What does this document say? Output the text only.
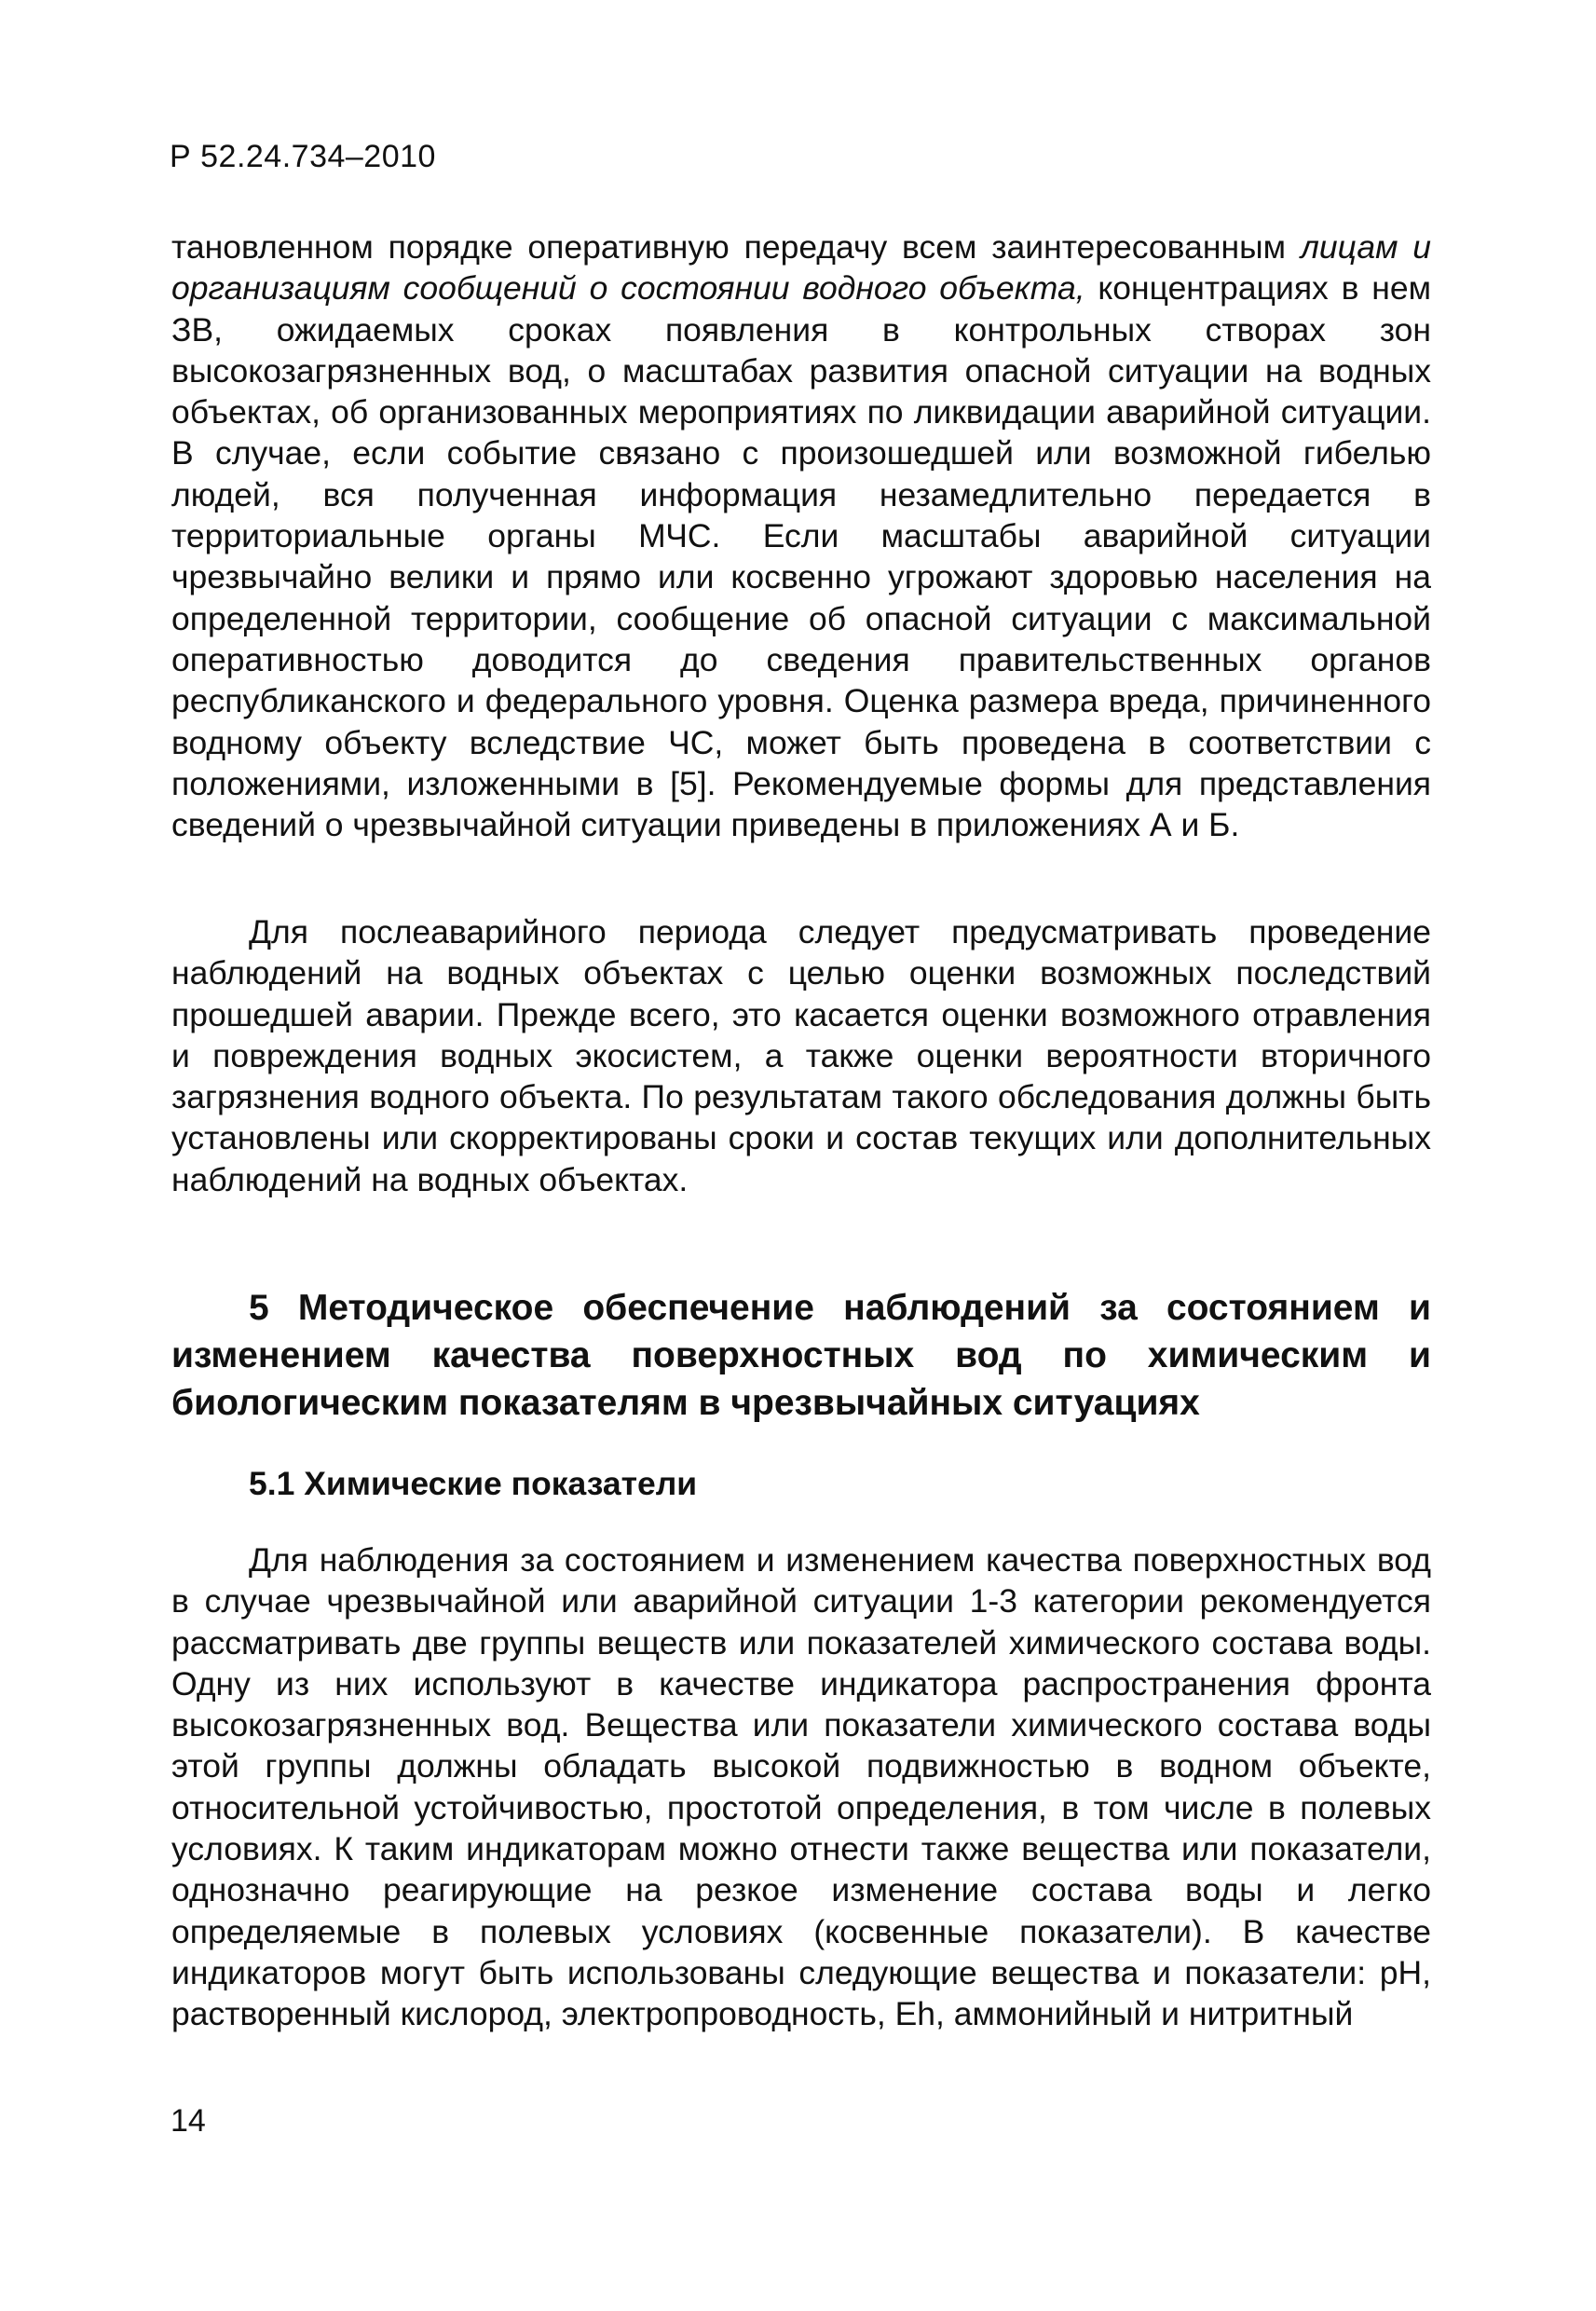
Р 52.24.734–2010

тановленном порядке оперативную передачу всем заинтересованным лицам и организациям сообщений о состоянии водного объекта, концентрациях в нем ЗВ, ожидаемых сроках появления в контрольных створах зон высокозагрязненных вод, о масштабах развития опасной ситуации на водных объектах, об организованных мероприятиях по ликвидации аварийной ситуации. В случае, если событие связано с произошедшей или возможной гибелью людей, вся полученная информация незамедлительно передается в территориальные органы МЧС. Если масштабы аварийной ситуации чрезвычайно велики и прямо или косвенно угрожают здоровью населения на определенной территории, сообщение об опасной ситуации с максимальной оперативностью доводится до сведения правительственных органов республиканского и федерального уровня. Оценка размера вреда, причиненного водному объекту вследствие ЧС, может быть проведена в соответствии с положениями, изложенными в [5]. Рекомендуемые формы для представления сведений о чрезвычайной ситуации приведены в приложениях А и Б.

Для послеаварийного периода следует предусматривать проведение наблюдений на водных объектах с целью оценки возможных последствий прошедшей аварии. Прежде всего, это касается оценки возможного отравления и повреждения водных экосистем, а также оценки вероятности вторичного загрязнения водного объекта. По результатам такого обследования должны быть установлены или скорректированы сроки и состав текущих или дополнительных наблюдений на водных объектах.

5 Методическое обеспечение наблюдений за состоянием и изменением качества поверхностных вод по химическим и биологическим показателям в чрезвычайных ситуациях
5.1 Химические показатели

Для наблюдения за состоянием и изменением качества поверхностных вод в случае чрезвычайной или аварийной ситуации 1-3 категории рекомендуется рассматривать две группы веществ или показателей химического состава воды. Одну из них используют в качестве индикатора распространения фронта высокозагрязненных вод. Вещества или показатели химического состава воды этой группы должны обладать высокой подвижностью в водном объекте, относительной устойчивостью, простотой определения, в том числе в полевых условиях. К таким индикаторам можно отнести также вещества или показатели, однозначно реагирующие на резкое изменение состава воды и легко определяемые в полевых условиях (косвенные показатели). В качестве индикаторов могут быть использованы следующие вещества и показатели: pH, растворенный кислород, электропроводность, Eh, аммонийный и нитритный

14
